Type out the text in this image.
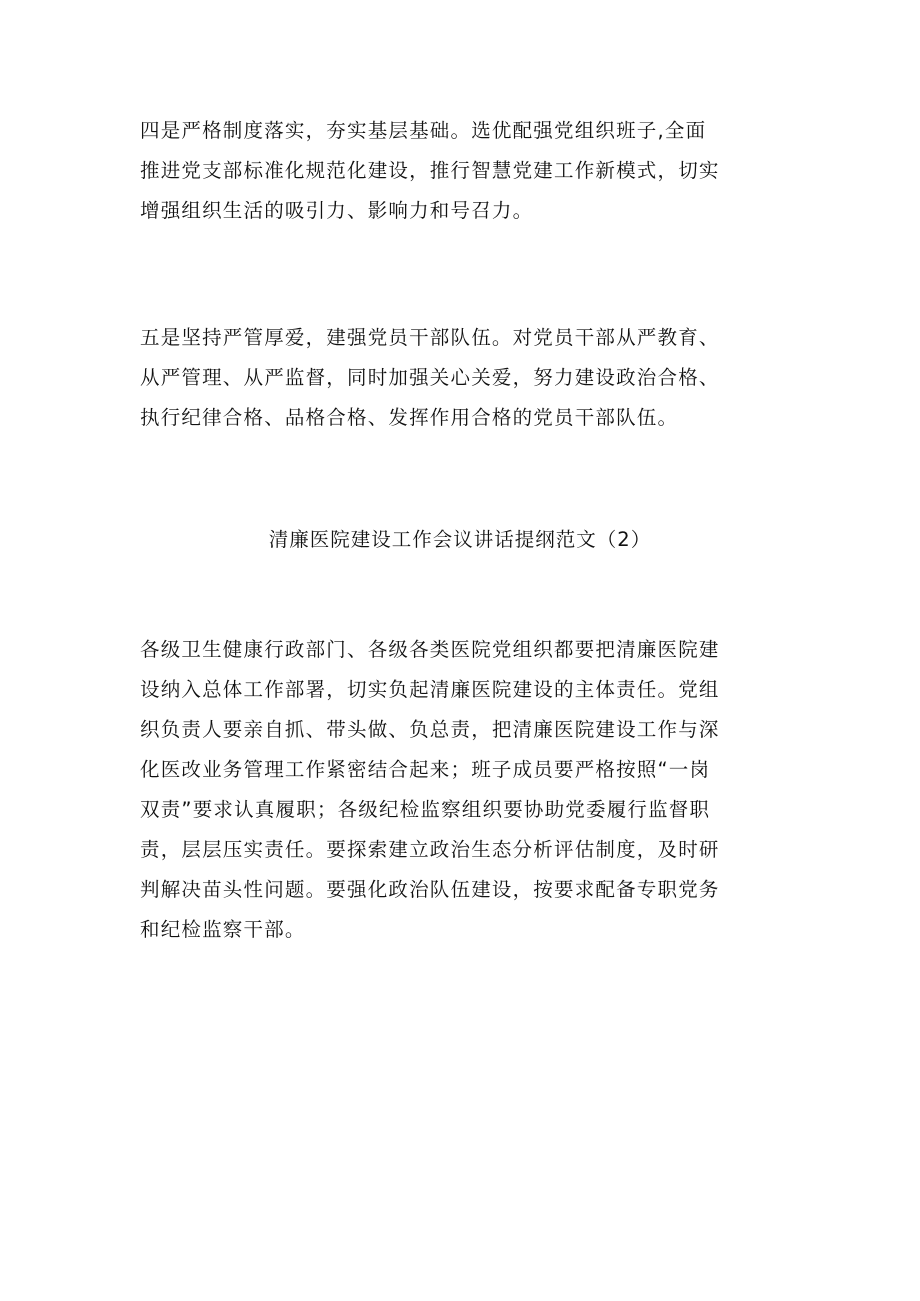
四是严格制度落实，夯实基层基础。选优配强党组织班子,全面
推进党支部标准化规范化建设，推行智慧党建工作新模式，切实
增强组织生活的吸引力、影响力和号召力。
五是坚持严管厚爱，建强党员干部队伍。对党员干部从严教育、
从严管理、从严监督，同时加强关心关爱，努力建设政治合格、
执行纪律合格、品格合格、发挥作用合格的党员干部队伍。
清廉医院建设工作会议讲话提纲范文（2）
各级卫生健康行政部门、各级各类医院党组织都要把清廉医院建
设纳入总体工作部署，切实负起清廉医院建设的主体责任。党组
织负责人要亲自抓、带头做、负总责，把清廉医院建设工作与深
化医改业务管理工作紧密结合起来；班子成员要严格按照“一岗
双责”要求认真履职；各级纪检监察组织要协助党委履行监督职
责，层层压实责任。要探索建立政治生态分析评估制度，及时研
判解决苗头性问题。要强化政治队伍建设，按要求配备专职党务
和纪检监察干部。
